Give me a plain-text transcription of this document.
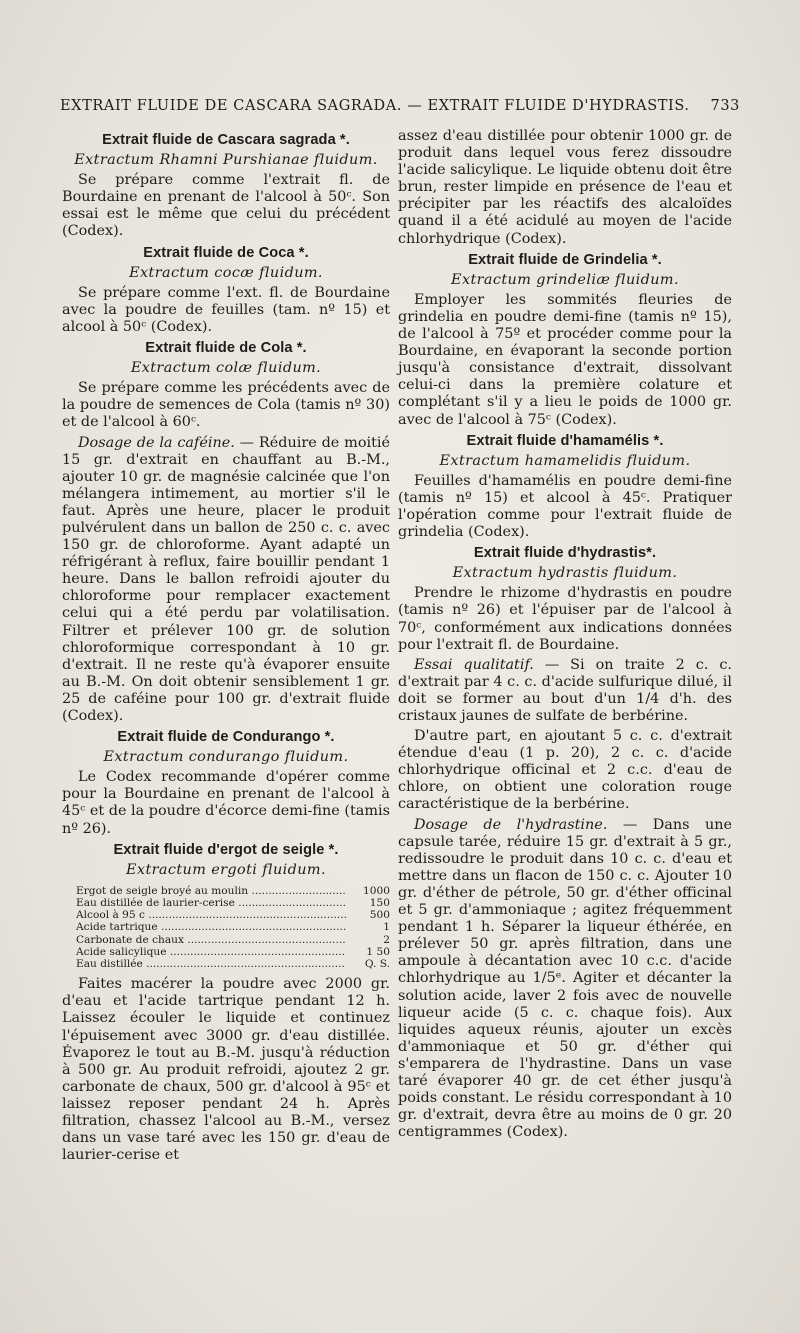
EXTRAIT FLUIDE DE CASCARA SAGRADA. — EXTRAIT FLUIDE D'HYDRASTIS. 733
Extrait fluide de Cascara sagrada *.

Extractum Rhamni Purshianae fluidum.

Se prépare comme l'extrait fl. de Bourdaine en prenant de l'alcool à 50ᶜ. Son essai est le même que celui du précédent (Codex).

Extrait fluide de Coca *.

Extractum cocæ fluidum.

Se prépare comme l'ext. fl. de Bourdaine avec la poudre de feuilles (tam. nº 15) et alcool à 50ᶜ (Codex).

Extrait fluide de Cola *.

Extractum colæ fluidum.

Se prépare comme les précédents avec de la poudre de semences de Cola (tamis nº 30) et de l'alcool à 60ᶜ.

Dosage de la caféine. — Réduire de moitié 15 gr. d'extrait en chauffant au B.-M., ajouter 10 gr. de magnésie calcinée que l'on mélangera intimement, au mortier s'il le faut. Après une heure, placer le produit pulvérulent dans un ballon de 250 c. c. avec 150 gr. de chloroforme. Ayant adapté un réfrigérant à reflux, faire bouillir pendant 1 heure. Dans le ballon refroidi ajouter du chloroforme pour remplacer exactement celui qui a été perdu par volatilisation. Filtrer et prélever 100 gr. de solution chloroformique correspondant à 10 gr. d'extrait. Il ne reste qu'à évaporer ensuite au B.-M. On doit obtenir sensiblement 1 gr. 25 de caféine pour 100 gr. d'extrait fluide (Codex).

Extrait fluide de Condurango *.

Extractum condurango fluidum.

Le Codex recommande d'opérer comme pour la Bourdaine en prenant de l'alcool à 45ᶜ et de la poudre d'écorce demi-fine (tamis nº 26).

Extrait fluide d'ergot de seigle *.

Extractum ergoti fluidum.

Ergot de seigle broyé au moulin .....	1000
Eau distillée de laurier-cerise .....	150
Alcool à 95 c .....	500
Acide tartrique .....	1
Carbonate de chaux .....	2
Acide salicylique .....	1 50
Eau distillée .....	Q. S.

Faites macérer la poudre avec 2000 gr. d'eau et l'acide tartrique pendant 12 h. Laissez écouler le liquide et continuez l'épuisement avec 3000 gr. d'eau distillée. Évaporez le tout au B.-M. jusqu'à réduction à 500 gr. Au produit refroidi, ajoutez 2 gr. carbonate de chaux, 500 gr. d'alcool à 95ᶜ et laissez reposer pendant 24 h. Après filtration, chassez l'alcool au B.-M., versez dans un vase taré avec les 150 gr. d'eau de laurier-cerise et

assez d'eau distillée pour obtenir 1000 gr. de produit dans lequel vous ferez dissoudre l'acide salicylique. Le liquide obtenu doit être brun, rester limpide en présence de l'eau et précipiter par les réactifs des alcaloïdes quand il a été acidulé au moyen de l'acide chlorhydrique (Codex).

Extrait fluide de Grindelia *.

Extractum grindeliæ fluidum.

Employer les sommités fleuries de grindelia en poudre demi-fine (tamis nº 15), de l'alcool à 75º et procéder comme pour la Bourdaine, en évaporant la seconde portion jusqu'à consistance d'extrait, dissolvant celui-ci dans la première colature et complétant s'il y a lieu le poids de 1000 gr. avec de l'alcool à 75ᶜ (Codex).

Extrait fluide d'hamamélis *.

Extractum hamamelidis fluidum.

Feuilles d'hamamélis en poudre demi-fine (tamis nº 15) et alcool à 45ᶜ. Pratiquer l'opération comme pour l'extrait fluide de grindelia (Codex).

Extrait fluide d'hydrastis*.

Extractum hydrastis fluidum.

Prendre le rhizome d'hydrastis en poudre (tamis nº 26) et l'épuiser par de l'alcool à 70ᶜ, conformément aux indications données pour l'extrait fl. de Bourdaine.

Essai qualitatif. — Si on traite 2 c. c. d'extrait par 4 c. c. d'acide sulfurique dilué, il doit se former au bout d'un 1/4 d'h. des cristaux jaunes de sulfate de berbérine.

D'autre part, en ajoutant 5 c. c. d'extrait étendue d'eau (1 p. 20), 2 c. c. d'acide chlorhydrique officinal et 2 c.c. d'eau de chlore, on obtient une coloration rouge caractéristique de la berbérine.

Dosage de l'hydrastine. — Dans une capsule tarée, réduire 15 gr. d'extrait à 5 gr., redissoudre le produit dans 10 c. c. d'eau et mettre dans un flacon de 150 c. c. Ajouter 10 gr. d'éther de pétrole, 50 gr. d'éther officinal et 5 gr. d'ammoniaque ; agitez fréquemment pendant 1 h. Séparer la liqueur éthérée, en prélever 50 gr. après filtration, dans une ampoule à décantation avec 10 c.c. d'acide chlorhydrique au 1/5ᵉ. Agiter et décanter la solution acide, laver 2 fois avec de nouvelle liqueur acide (5 c. c. chaque fois). Aux liquides aqueux réunis, ajouter un excès d'ammoniaque et 50 gr. d'éther qui s'emparera de l'hydrastine. Dans un vase taré évaporer 40 gr. de cet éther jusqu'à poids constant. Le résidu correspondant à 10 gr. d'extrait, devra être au moins de 0 gr. 20 centigrammes (Codex).
